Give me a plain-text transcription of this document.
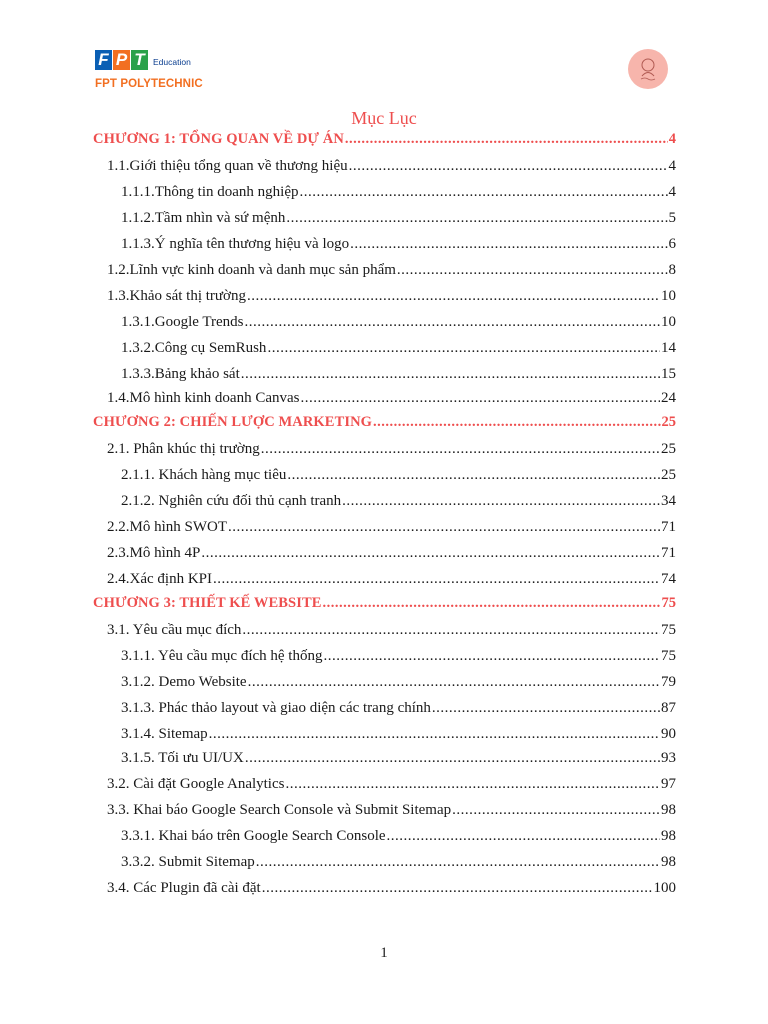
F P T Education
FPT POLYTECHNIC
Mục Lục
CHƯƠNG 1: TỔNG QUAN VỀ DỰ ÁN .....	4
1.1. Giới thiệu tổng quan về thương hiệu .....	4
1.1.1. Thông tin doanh nghiệp .....	4
1.1.2. Tầm nhìn và sứ mệnh .....	5
1.1.3. Ý nghĩa tên thương hiệu và logo .....	6
1.2. Lĩnh vực kinh doanh và danh mục sản phẩm .....	8
1.3. Khảo sát thị trường .....	10
1.3.1. Google Trends .....	10
1.3.2. Công cụ SemRush .....	14
1.3.3. Bảng khảo sát .....	15
1.4. Mô hình kinh doanh Canvas .....	24
CHƯƠNG 2: CHIẾN LƯỢC MARKETING .....	25
2.1. Phân khúc thị trường .....	25
2.1.1. Khách hàng mục tiêu .....	25
2.1.2. Nghiên cứu đối thủ cạnh tranh .....	34
2.2. Mô hình SWOT .....	71
2.3. Mô hình 4P .....	71
2.4. Xác định KPI .....	74
CHƯƠNG 3: THIẾT KẾ WEBSITE .....	75
3.1. Yêu cầu mục đích .....	75
3.1.1. Yêu cầu mục đích hệ thống .....	75
3.1.2. Demo Website .....	79
3.1.3. Phác thảo layout và giao diện các trang chính .....	87
3.1.4. Sitemap .....	90
3.1.5. Tối ưu UI/UX .....	93
3.2. Cài đặt Google Analytics .....	97
3.3. Khai báo Google Search Console và Submit Sitemap .....	98
3.3.1. Khai báo trên Google Search Console .....	98
3.3.2. Submit Sitemap .....	98
3.4. Các Plugin đã cài đặt .....	100
1
